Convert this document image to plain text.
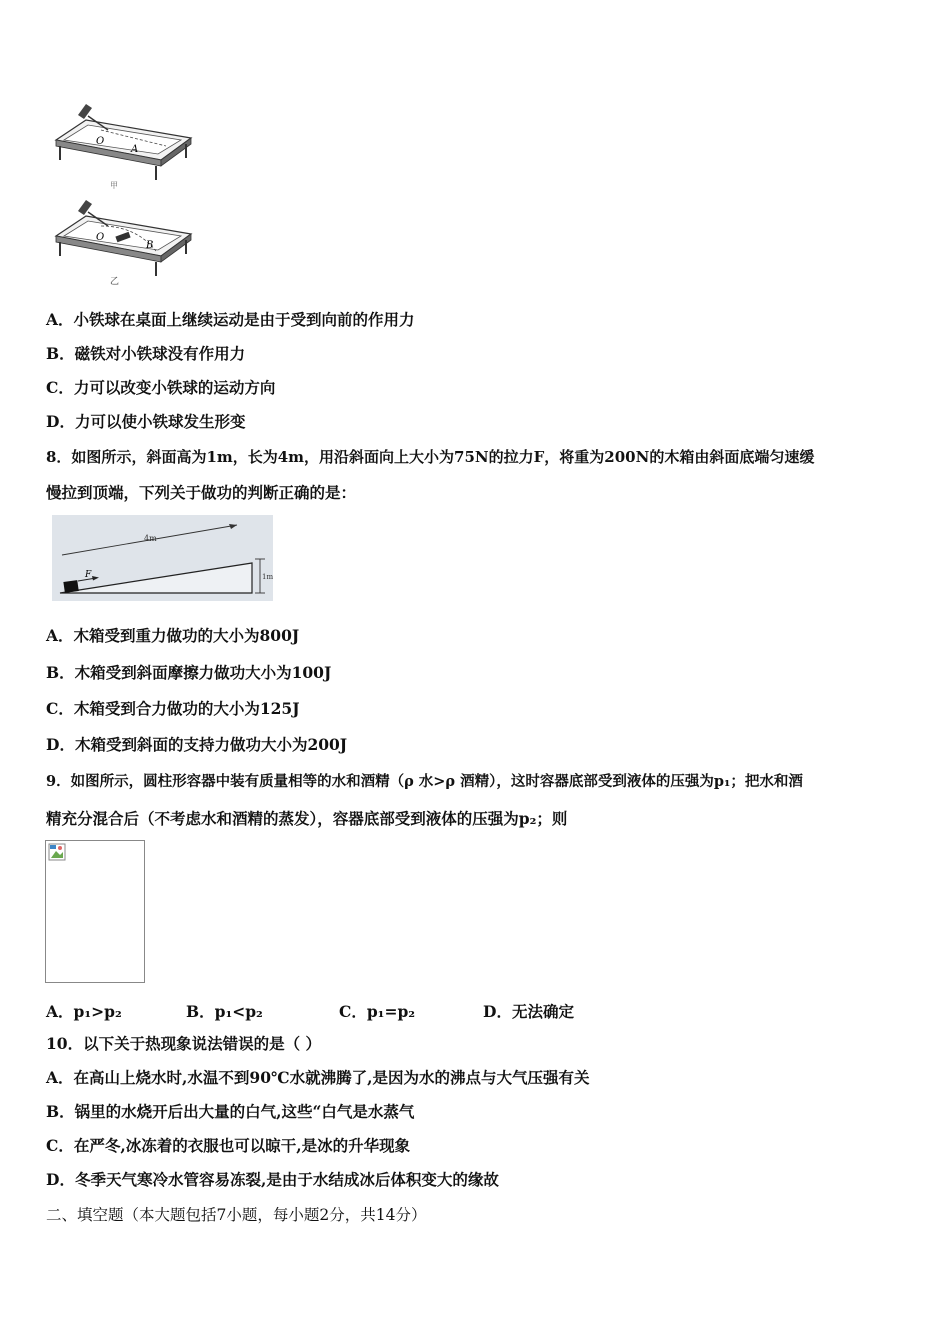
O
A
甲
O
B
乙
A．小铁球在桌面上继续运动是由于受到向前的作用力
B．磁铁对小铁球没有作用力
C．力可以改变小铁球的运动方向
D．力可以使小铁球发生形变
8．如图所示，斜面高为1m，长为4m，用沿斜面向上大小为75N的拉力F，将重为200N的木箱由斜面底端匀速缓
慢拉到顶端，下列关于做功的判断正确的是：
4m
F	1m
A．木箱受到重力做功的大小为800J
B．木箱受到斜面摩擦力做功大小为100J
C．木箱受到合力做功的大小为125J
D．木箱受到斜面的支持力做功大小为200J
9．如图所示，圆柱形容器中装有质量相等的水和酒精（ρ 水>ρ 酒精），这时容器底部受到液体的压强为p₁；把水和酒
精充分混合后（不考虑水和酒精的蒸发），容器底部受到液体的压强为p₂；则
A．p₁>p₂	B．p₁<p₂	C．p₁=p₂	D．无法确定
10．以下关于热现象说法错误的是（ ）
A．在高山上烧水时,水温不到90℃水就沸腾了,是因为水的沸点与大气压强有关
B．锅里的水烧开后出大量的白气,这些“白气是水蒸气
C．在严冬,冰冻着的衣服也可以晾干,是冰的升华现象
D．冬季天气寒冷水管容易冻裂,是由于水结成冰后体积变大的缘故
二、填空题（本大题包括7小题，每小题2分，共14分）
